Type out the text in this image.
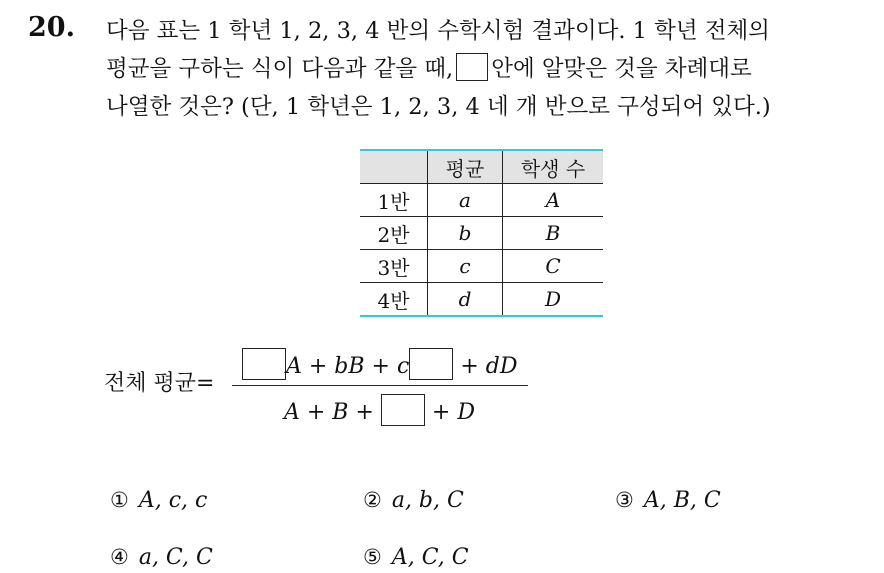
20. 다음 표는 1 학년 1, 2, 3, 4 반의 수학시험 결과이다. 1 학년 전체의
평균을 구하는 식이 다음과 같을 때, 안에 알맞은 것을 차례대로
나열한 것은? (단, 1 학년은 1, 2, 3, 4 네 개 반으로 구성되어 있다.)
	평균	학생 수
1반	a	A
2반	b	B
3반	c	C
4반	d	D
전체 평균=
A + bB + c + dD
A + B +	+ D
① A, c, c	② a, b, C	③ A, B, C
④ a, C, C	⑤ A, C, C
